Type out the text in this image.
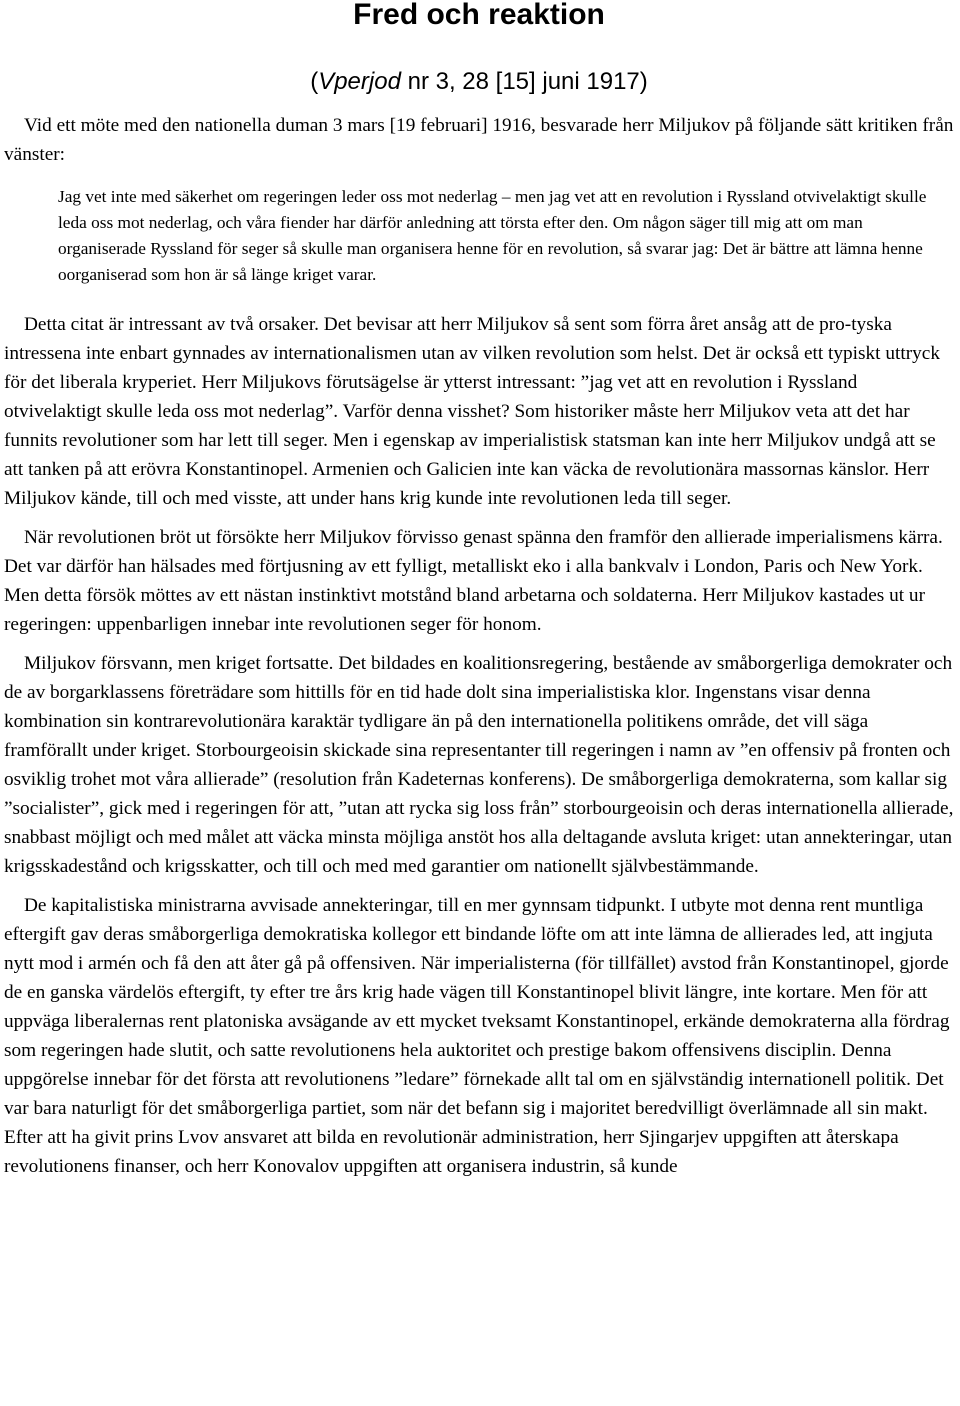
Fred och reaktion
(Vperjod nr 3, 28 [15] juni 1917)

Vid ett möte med den nationella duman 3 mars [19 februari] 1916, besvarade herr Miljukov på följande sätt kritiken från vänster:

Jag vet inte med säkerhet om regeringen leder oss mot nederlag – men jag vet att en revolution i Ryssland otvivelaktigt skulle leda oss mot nederlag, och våra fiender har därför anledning att törsta efter den. Om någon säger till mig att om man organiserade Ryssland för seger så skulle man organisera henne för en revolution, så svarar jag: Det är bättre att lämna henne oorganiserad som hon är så länge kriget varar.

Detta citat är intressant av två orsaker. Det bevisar att herr Miljukov så sent som förra året ansåg att de pro-tyska intressena inte enbart gynnades av internationalismen utan av vilken revolution som helst. Det är också ett typiskt uttryck för det liberala kryperiet. Herr Miljukovs förutsägelse är ytterst intressant: ”jag vet att en revolution i Ryssland otvivelaktigt skulle leda oss mot nederlag”. Varför denna visshet? Som historiker måste herr Miljukov veta att det har funnits revolutioner som har lett till seger. Men i egenskap av imperialistisk statsman kan inte herr Miljukov undgå att se att tanken på att erövra Konstantinopel. Armenien och Galicien inte kan väcka de revolutionära massornas känslor. Herr Miljukov kände, till och med visste, att under hans krig kunde inte revolutionen leda till seger.

När revolutionen bröt ut försökte herr Miljukov förvisso genast spänna den framför den allierade imperialismens kärra. Det var därför han hälsades med förtjusning av ett fylligt, metalliskt eko i alla bankvalv i London, Paris och New York. Men detta försök möttes av ett nästan instinktivt motstånd bland arbetarna och soldaterna. Herr Miljukov kastades ut ur regeringen: uppenbarligen innebar inte revolutionen seger för honom.

Miljukov försvann, men kriget fortsatte. Det bildades en koalitionsregering, bestående av småborgerliga demokrater och de av borgarklassens företrädare som hittills för en tid hade dolt sina imperialistiska klor. Ingenstans visar denna kombination sin kontrarevolutionära karaktär tydligare än på den internationella politikens område, det vill säga framförallt under kriget. Storbourgeoisin skickade sina representanter till regeringen i namn av ”en offensiv på fronten och osviklig trohet mot våra allierade” (resolution från Kadeternas konferens). De småborgerliga demokraterna, som kallar sig ”socialister”, gick med i regeringen för att, ”utan att rycka sig loss från” storbourgeoisin och deras internationella allierade, snabbast möjligt och med målet att väcka minsta möjliga anstöt hos alla deltagande avsluta kriget: utan annekteringar, utan krigsskadestånd och krigsskatter, och till och med med garantier om nationellt självbestämmande.

De kapitalistiska ministrarna avvisade annekteringar, till en mer gynnsam tidpunkt. I utbyte mot denna rent muntliga eftergift gav deras småborgerliga demokratiska kollegor ett bindande löfte om att inte lämna de allierades led, att ingjuta nytt mod i armén och få den att åter gå på offensiven. När imperialisterna (för tillfället) avstod från Konstantinopel, gjorde de en ganska värdelös eftergift, ty efter tre års krig hade vägen till Konstantinopel blivit längre, inte kortare. Men för att uppväga liberalernas rent platoniska avsägande av ett mycket tveksamt Konstantinopel, erkände demokraterna alla fördrag som regeringen hade slutit, och satte revolutionens hela auktoritet och prestige bakom offensivens disciplin. Denna uppgörelse innebar för det första att revolutionens ”ledare” förnekade allt tal om en självständig internationell politik. Det var bara naturligt för det småborgerliga partiet, som när det befann sig i majoritet beredvilligt överlämnade all sin makt. Efter att ha givit prins Lvov ansvaret att bilda en revolutionär administration, herr Sjingarjev uppgiften att återskapa revolutionens finanser, och herr Konovalov uppgiften att organisera industrin, så kunde
